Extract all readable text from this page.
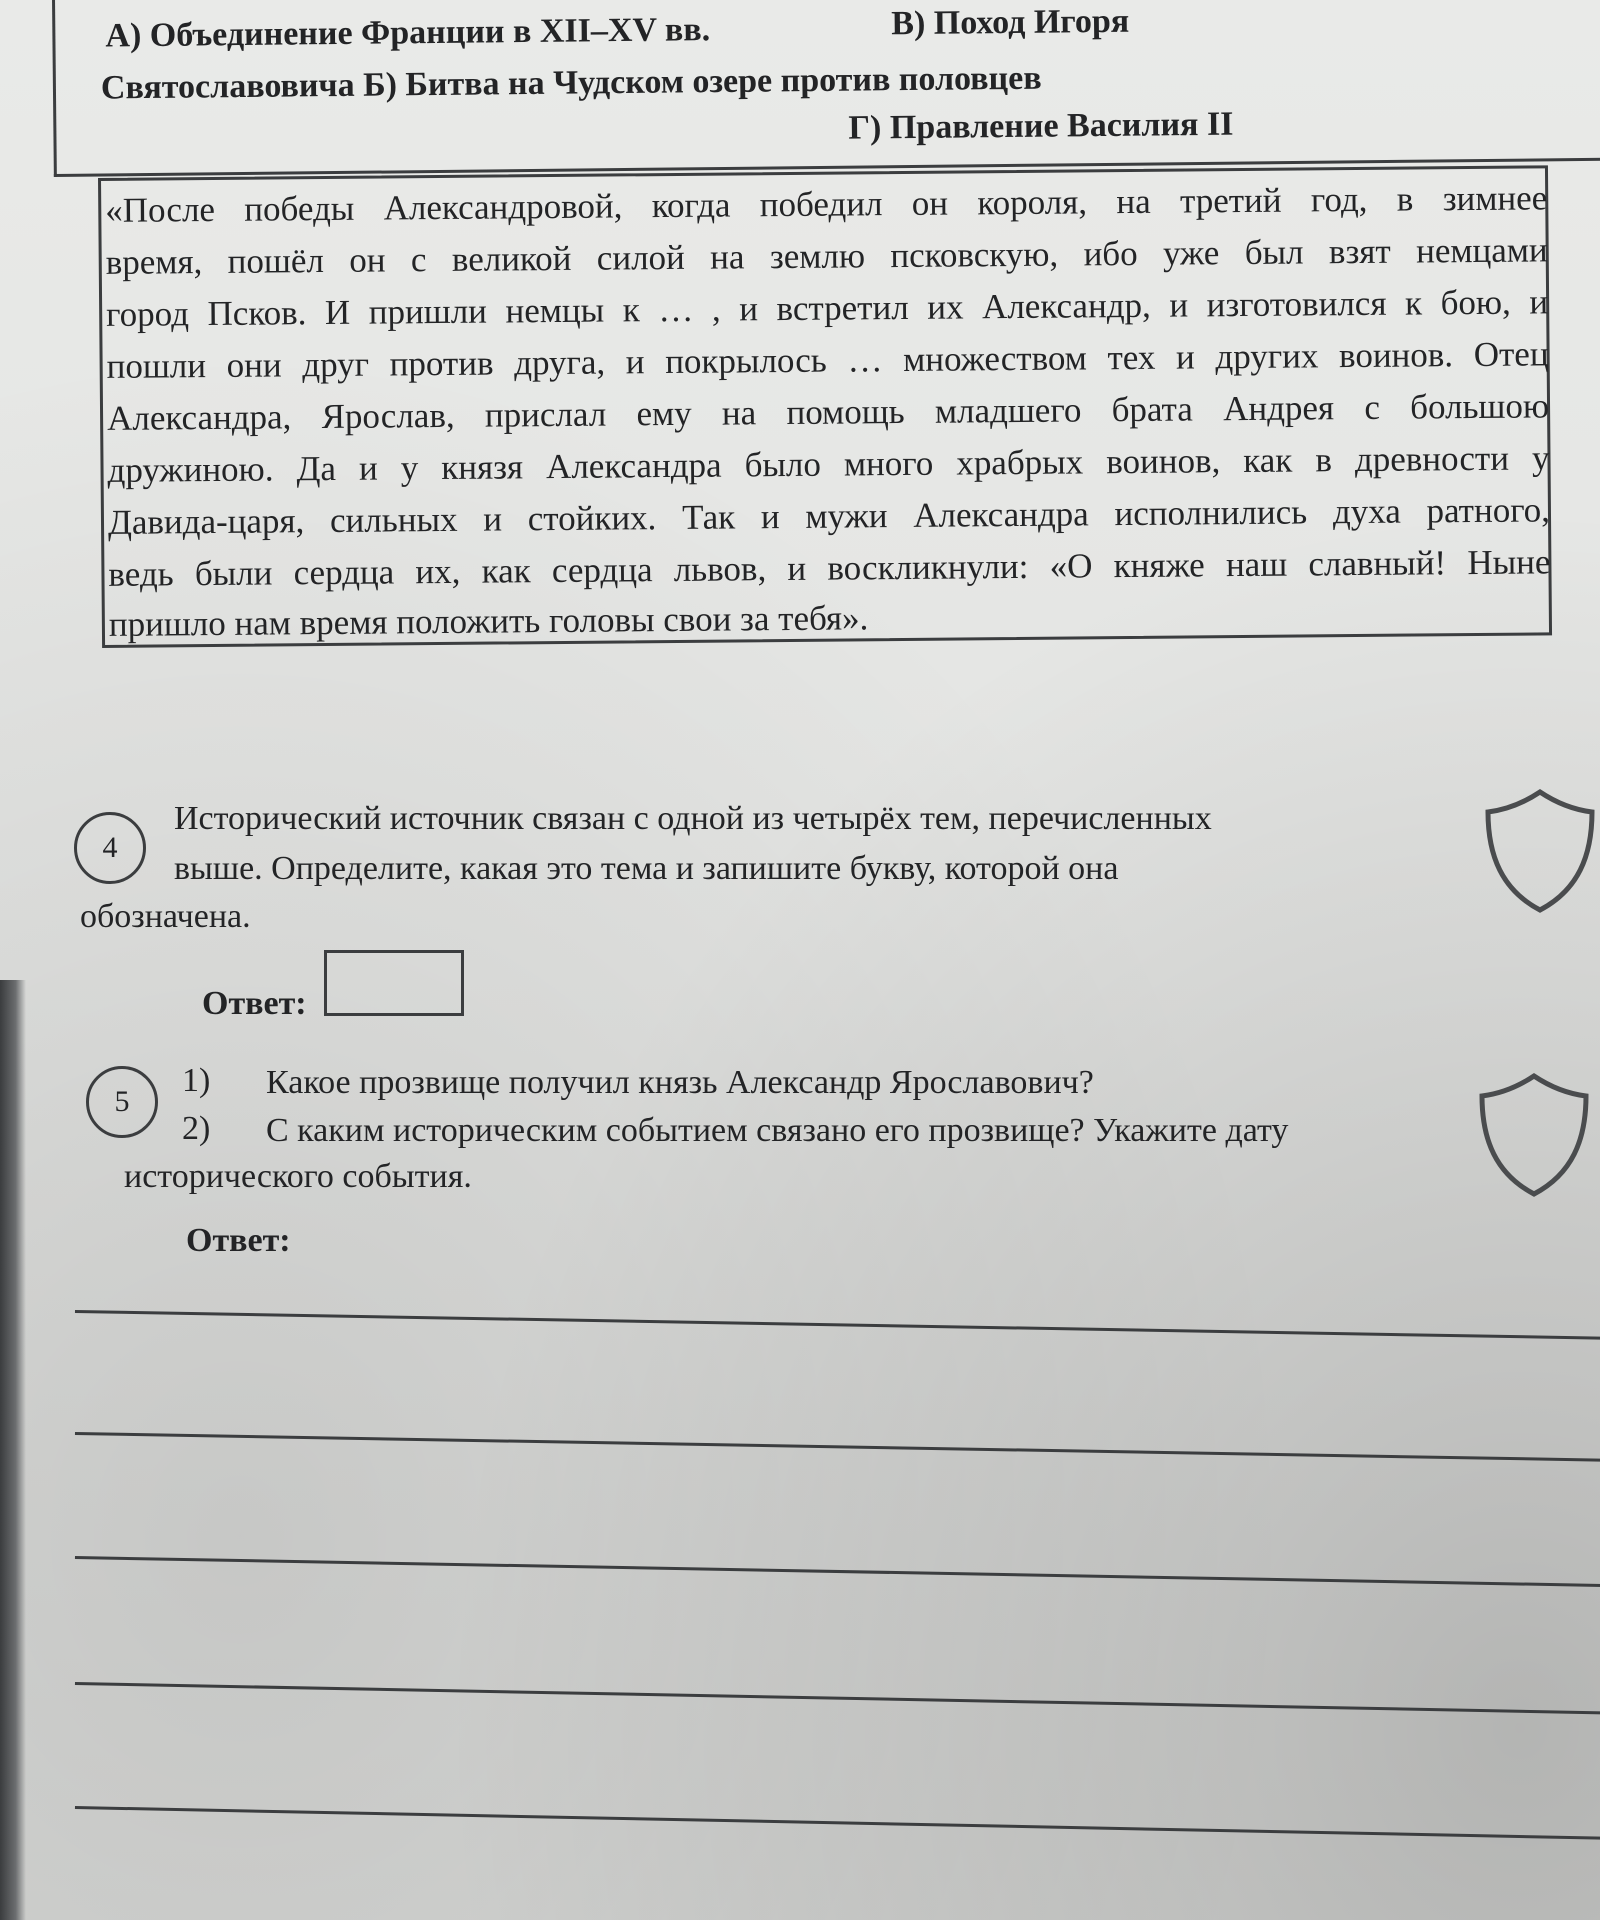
А) Объединение Франции в XII–XV вв.	В) Поход Игоря
Святославовича Б) Битва на Чудском озере против половцев
Г) Правление Василия II
«После победы Александровой, когда победил он короля, на третий год, в зимнее
время, пошёл он с великой силой на землю псковскую, ибо уже был взят немцами
город Псков. И пришли немцы к … , и встретил их Александр, и изготовился к бою, и
пошли они друг против друга, и покрылось … множеством тех и других воинов. Отец
Александра, Ярослав, прислал ему на помощь младшего брата Андрея с большою
дружиною. Да и у князя Александра было много храбрых воинов, как в древности у
Давида-царя, сильных и стойких. Так и мужи Александра исполнились духа ратного,
ведь были сердца их, как сердца львов, и воскликнули: «О княже наш славный! Ныне
пришло нам время положить головы свои за тебя».
4
Исторический источник связан с одной из четырёх тем, перечисленных
выше. Определите, какая это тема и запишите букву, которой она
обозначена.
Ответ:
5
1) Какое прозвище получил князь Александр Ярославович?
2) С каким историческим событием связано его прозвище? Укажите дату
исторического события.
Ответ:
